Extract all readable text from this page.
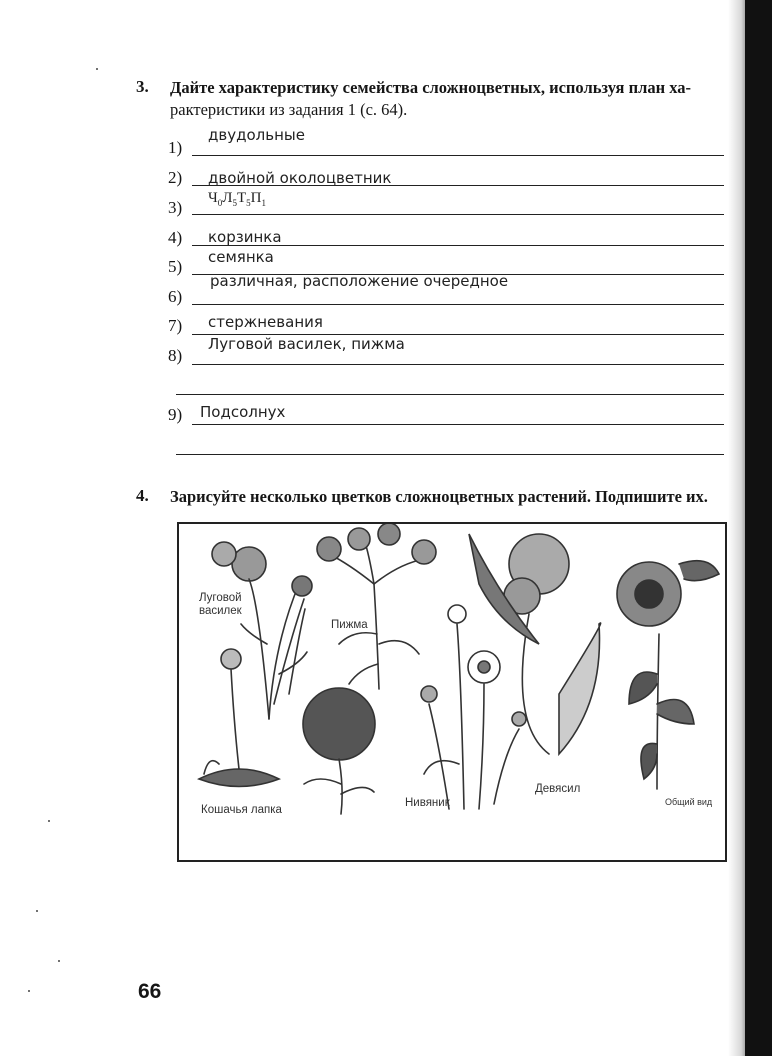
3. Дайте характеристику семейства сложноцветных, используя план ха-
рактеристики из задания 1 (с. 64).

1)
двудольные
2) двойной околоцветник
3) $Ч_0Л_5Т_5П_1$
4) корзинка
5) семянка
6)
различная, расположение очередное
7) стержневания
8)
Луговой василек, пижма
9) Подсолнух
4. Зарисуйте несколько цветков сложноцветных растений. Подпишите их.
Луговой
василек
Пижма
Кошачья лапка
Нивяник
Девясил
Общий вид
66
